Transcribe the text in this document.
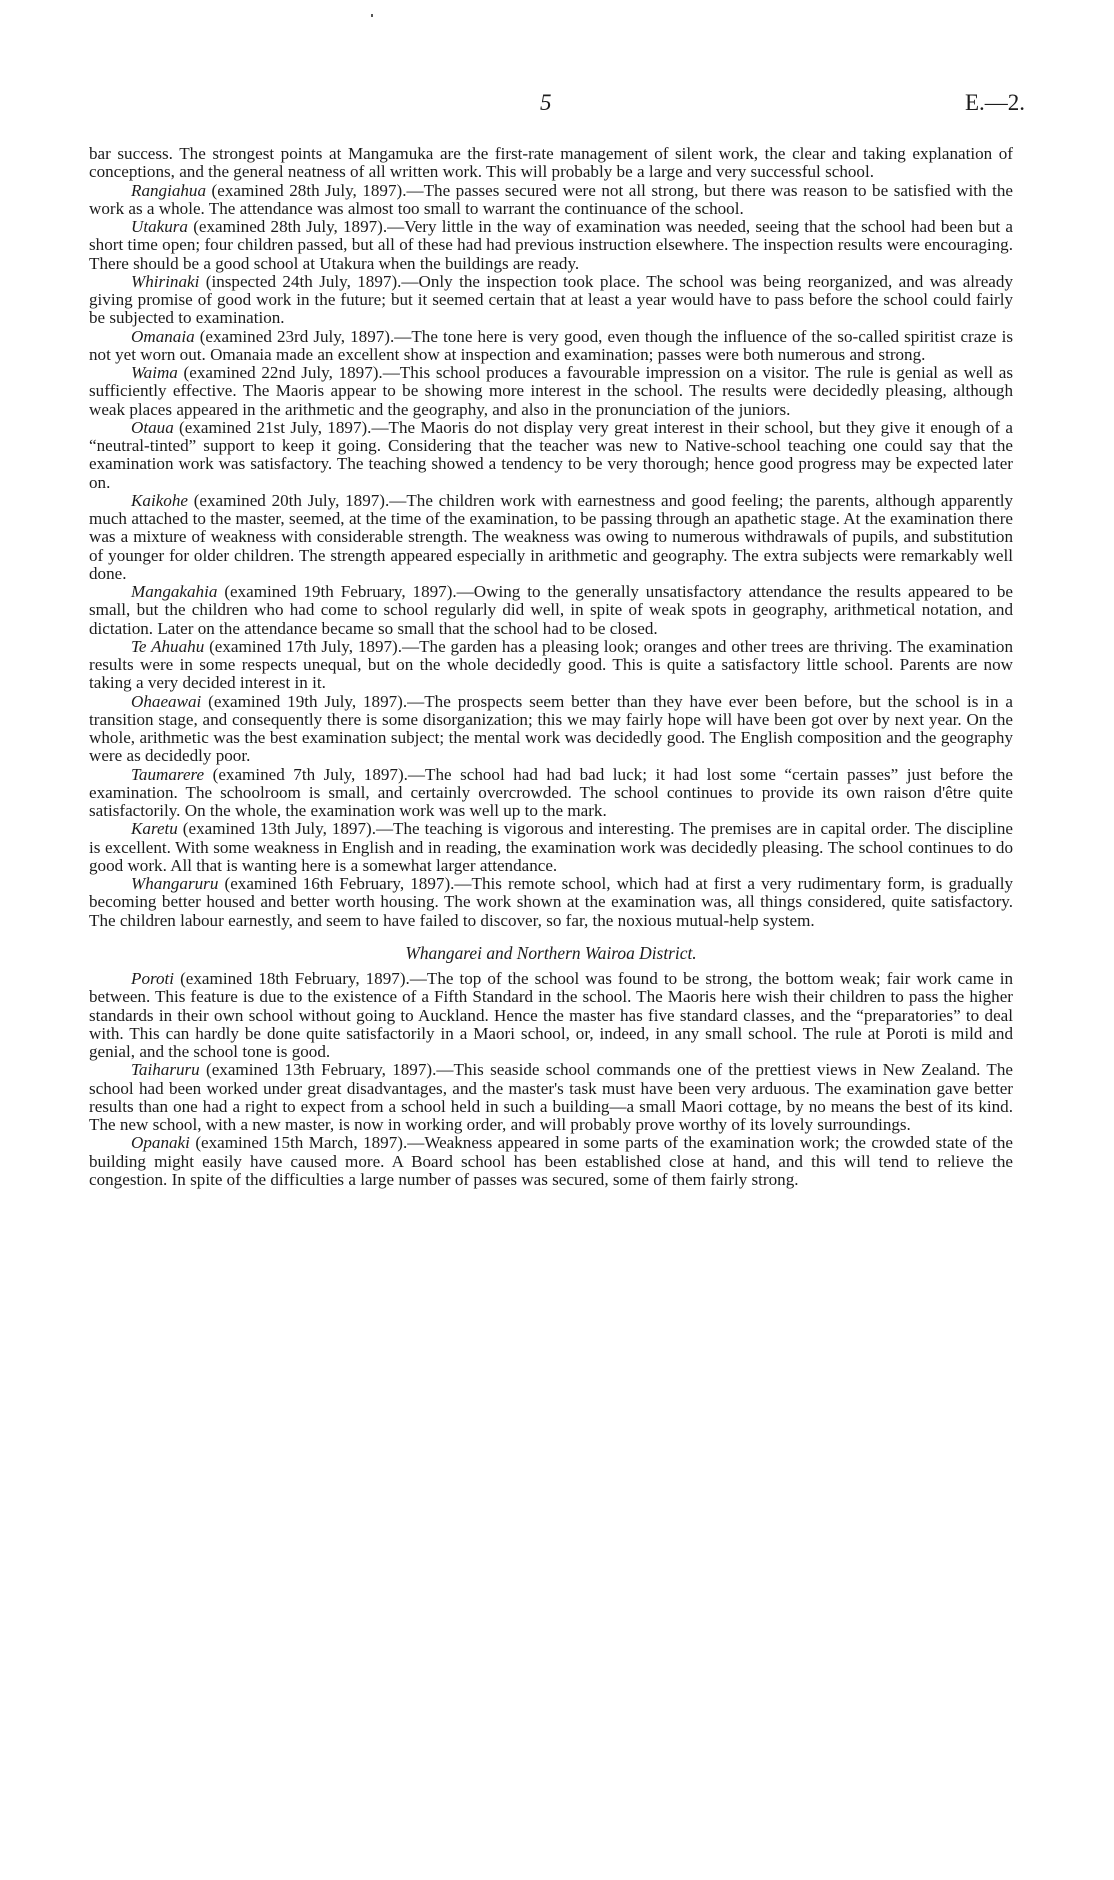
5	E.—2.

bar success. The strongest points at Mangamuka are the first-rate management of silent work, the clear and taking explanation of conceptions, and the general neatness of all written work. This will probably be a large and very successful school.

Rangiahua (examined 28th July, 1897).—The passes secured were not all strong, but there was reason to be satisfied with the work as a whole. The attendance was almost too small to warrant the continuance of the school.

Utakura (examined 28th July, 1897).—Very little in the way of examination was needed, seeing that the school had been but a short time open; four children passed, but all of these had had previous instruction elsewhere. The inspection results were encouraging. There should be a good school at Utakura when the buildings are ready.

Whirinaki (inspected 24th July, 1897).—Only the inspection took place. The school was being reorganized, and was already giving promise of good work in the future; but it seemed certain that at least a year would have to pass before the school could fairly be subjected to examination.

Omanaia (examined 23rd July, 1897).—The tone here is very good, even though the influence of the so-called spiritist craze is not yet worn out. Omanaia made an excellent show at inspection and examination; passes were both numerous and strong.

Waima (examined 22nd July, 1897).—This school produces a favourable impression on a visitor. The rule is genial as well as sufficiently effective. The Maoris appear to be showing more interest in the school. The results were decidedly pleasing, although weak places appeared in the arithmetic and the geography, and also in the pronunciation of the juniors.

Otaua (examined 21st July, 1897).—The Maoris do not display very great interest in their school, but they give it enough of a “neutral-tinted” support to keep it going. Considering that the teacher was new to Native-school teaching one could say that the examination work was satisfactory. The teaching showed a tendency to be very thorough; hence good progress may be expected later on.

Kaikohe (examined 20th July, 1897).—The children work with earnestness and good feeling; the parents, although apparently much attached to the master, seemed, at the time of the examination, to be passing through an apathetic stage. At the examination there was a mixture of weakness with considerable strength. The weakness was owing to numerous withdrawals of pupils, and substitution of younger for older children. The strength appeared especially in arithmetic and geography. The extra subjects were remarkably well done.

Mangakahia (examined 19th February, 1897).—Owing to the generally unsatisfactory attendance the results appeared to be small, but the children who had come to school regularly did well, in spite of weak spots in geography, arithmetical notation, and dictation. Later on the attendance became so small that the school had to be closed.

Te Ahuahu (examined 17th July, 1897).—The garden has a pleasing look; oranges and other trees are thriving. The examination results were in some respects unequal, but on the whole decidedly good. This is quite a satisfactory little school. Parents are now taking a very decided interest in it.

Ohaeawai (examined 19th July, 1897).—The prospects seem better than they have ever been before, but the school is in a transition stage, and consequently there is some disorganization; this we may fairly hope will have been got over by next year. On the whole, arithmetic was the best examination subject; the mental work was decidedly good. The English composition and the geography were as decidedly poor.

Taumarere (examined 7th July, 1897).—The school had had bad luck; it had lost some “certain passes” just before the examination. The schoolroom is small, and certainly overcrowded. The school continues to provide its own raison d'être quite satisfactorily. On the whole, the examination work was well up to the mark.

Karetu (examined 13th July, 1897).—The teaching is vigorous and interesting. The premises are in capital order. The discipline is excellent. With some weakness in English and in reading, the examination work was decidedly pleasing. The school continues to do good work. All that is wanting here is a somewhat larger attendance.

Whangaruru (examined 16th February, 1897).—This remote school, which had at first a very rudimentary form, is gradually becoming better housed and better worth housing. The work shown at the examination was, all things considered, quite satisfactory. The children labour earnestly, and seem to have failed to discover, so far, the noxious mutual-help system.

Whangarei and Northern Wairoa District.

Poroti (examined 18th February, 1897).—The top of the school was found to be strong, the bottom weak; fair work came in between. This feature is due to the existence of a Fifth Standard in the school. The Maoris here wish their children to pass the higher standards in their own school without going to Auckland. Hence the master has five standard classes, and the “preparatories” to deal with. This can hardly be done quite satisfactorily in a Maori school, or, indeed, in any small school. The rule at Poroti is mild and genial, and the school tone is good.

Taiharuru (examined 13th February, 1897).—This seaside school commands one of the prettiest views in New Zealand. The school had been worked under great disadvantages, and the master's task must have been very arduous. The examination gave better results than one had a right to expect from a school held in such a building—a small Maori cottage, by no means the best of its kind. The new school, with a new master, is now in working order, and will probably prove worthy of its lovely surroundings.

Opanaki (examined 15th March, 1897).—Weakness appeared in some parts of the examination work; the crowded state of the building might easily have caused more. A Board school has been established close at hand, and this will tend to relieve the congestion. In spite of the difficulties a large number of passes was secured, some of them fairly strong.
